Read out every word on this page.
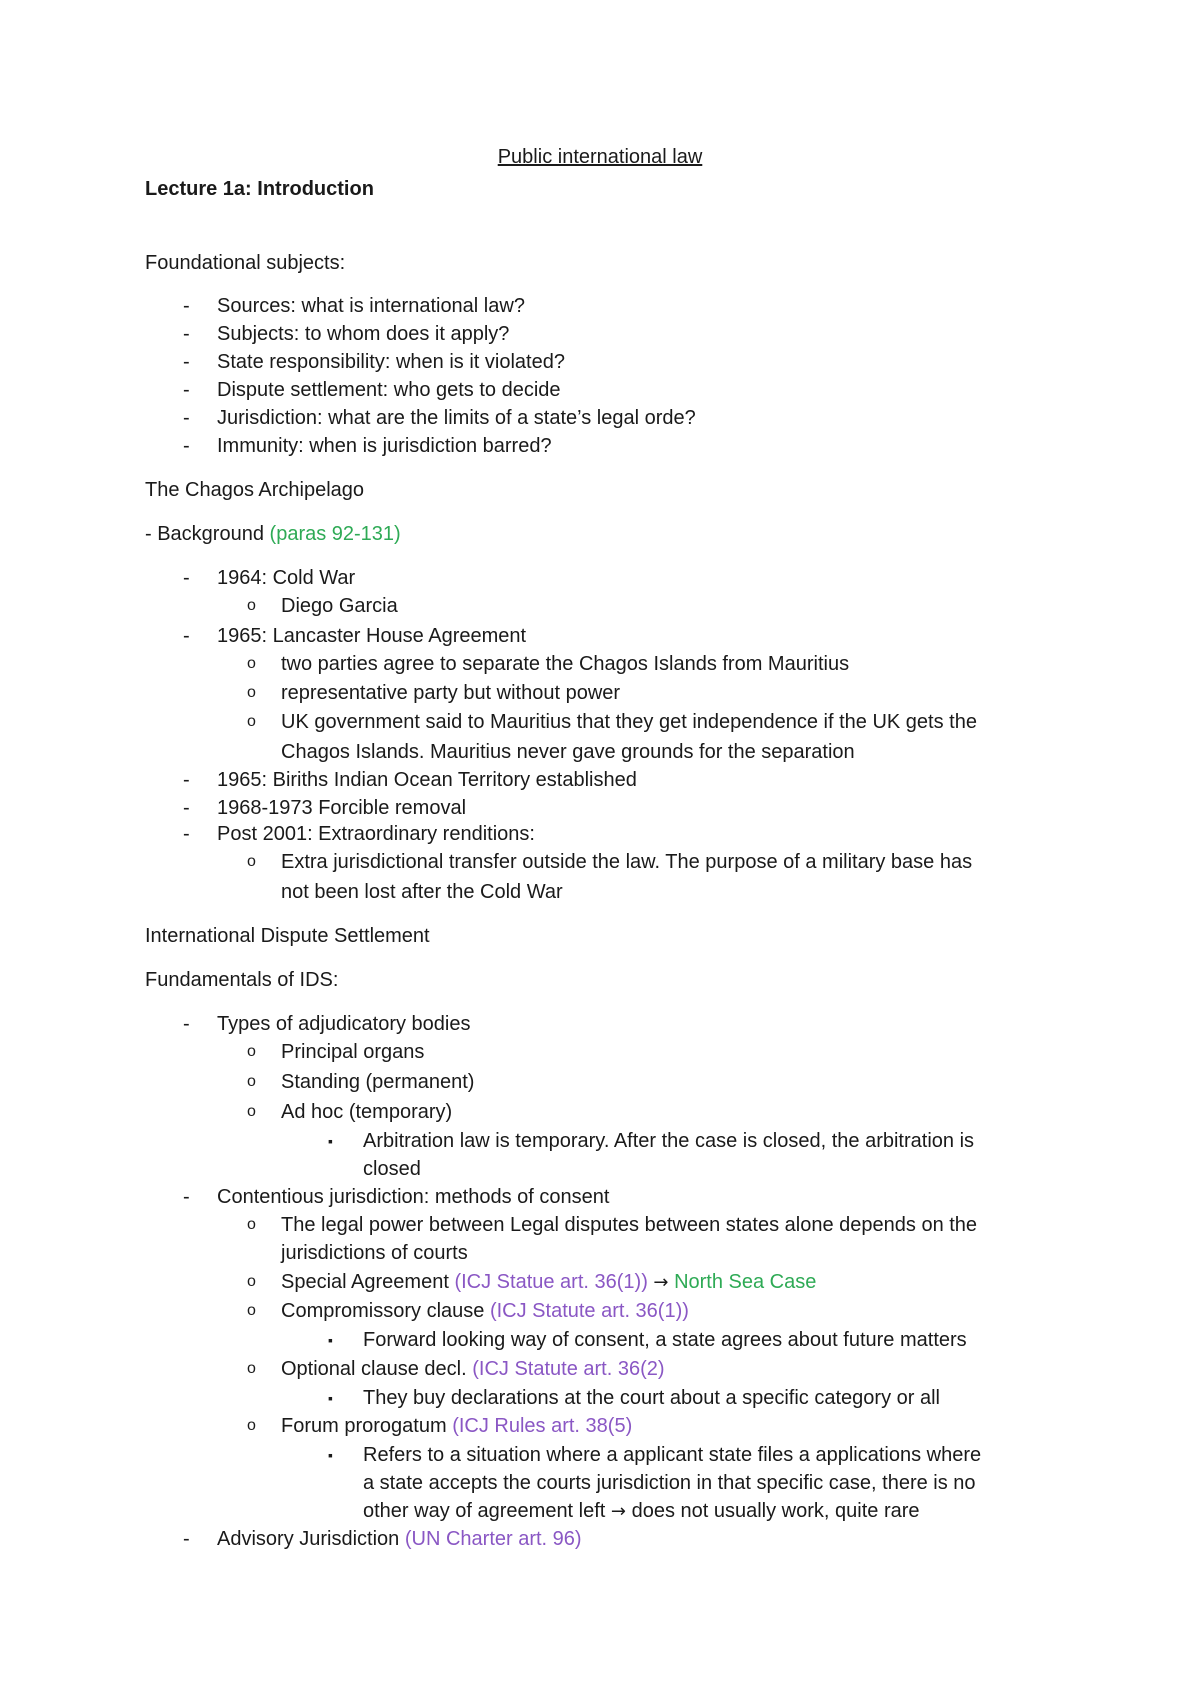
Public international law
Lecture 1a: Introduction
Foundational subjects:
-	Sources: what is international law?
-	Subjects: to whom does it apply?
-	State responsibility: when is it violated?
-	Dispute settlement: who gets to decide
-	Jurisdiction: what are the limits of a state’s legal orde?
-	Immunity: when is jurisdiction barred?
The Chagos Archipelago
- Background (paras 92-131)
-	1964: Cold War
o Diego Garcia
-	1965: Lancaster House Agreement
o two parties agree to separate the Chagos Islands from Mauritius
o representative party but without power
o UK government said to Mauritius that they get independence if the UK gets the
Chagos Islands. Mauritius never gave grounds for the separation
-	1965: Biriths Indian Ocean Territory established
-	1968-1973 Forcible removal
-	Post 2001: Extraordinary renditions:
o Extra jurisdictional transfer outside the law. The purpose of a military base has
not been lost after the Cold War
International Dispute Settlement
Fundamentals of IDS:
-	Types of adjudicatory bodies
o Principal organs
o Standing (permanent)
o Ad hoc (temporary)
▪ Arbitration law is temporary. After the case is closed, the arbitration is
closed
-	Contentious jurisdiction: methods of consent
o The legal power between Legal disputes between states alone depends on the
jurisdictions of courts
o Special Agreement (ICJ Statue art. 36(1)) → North Sea Case
o Compromissory clause (ICJ Statute art. 36(1))
▪ Forward looking way of consent, a state agrees about future matters
o Optional clause decl. (ICJ Statute art. 36(2)
▪ They buy declarations at the court about a specific category or all
o Forum prorogatum (ICJ Rules art. 38(5)
▪ Refers to a situation where a applicant state files a applications where
a state accepts the courts jurisdiction in that specific case, there is no
other way of agreement left → does not usually work, quite rare
-	Advisory Jurisdiction (UN Charter art. 96)
